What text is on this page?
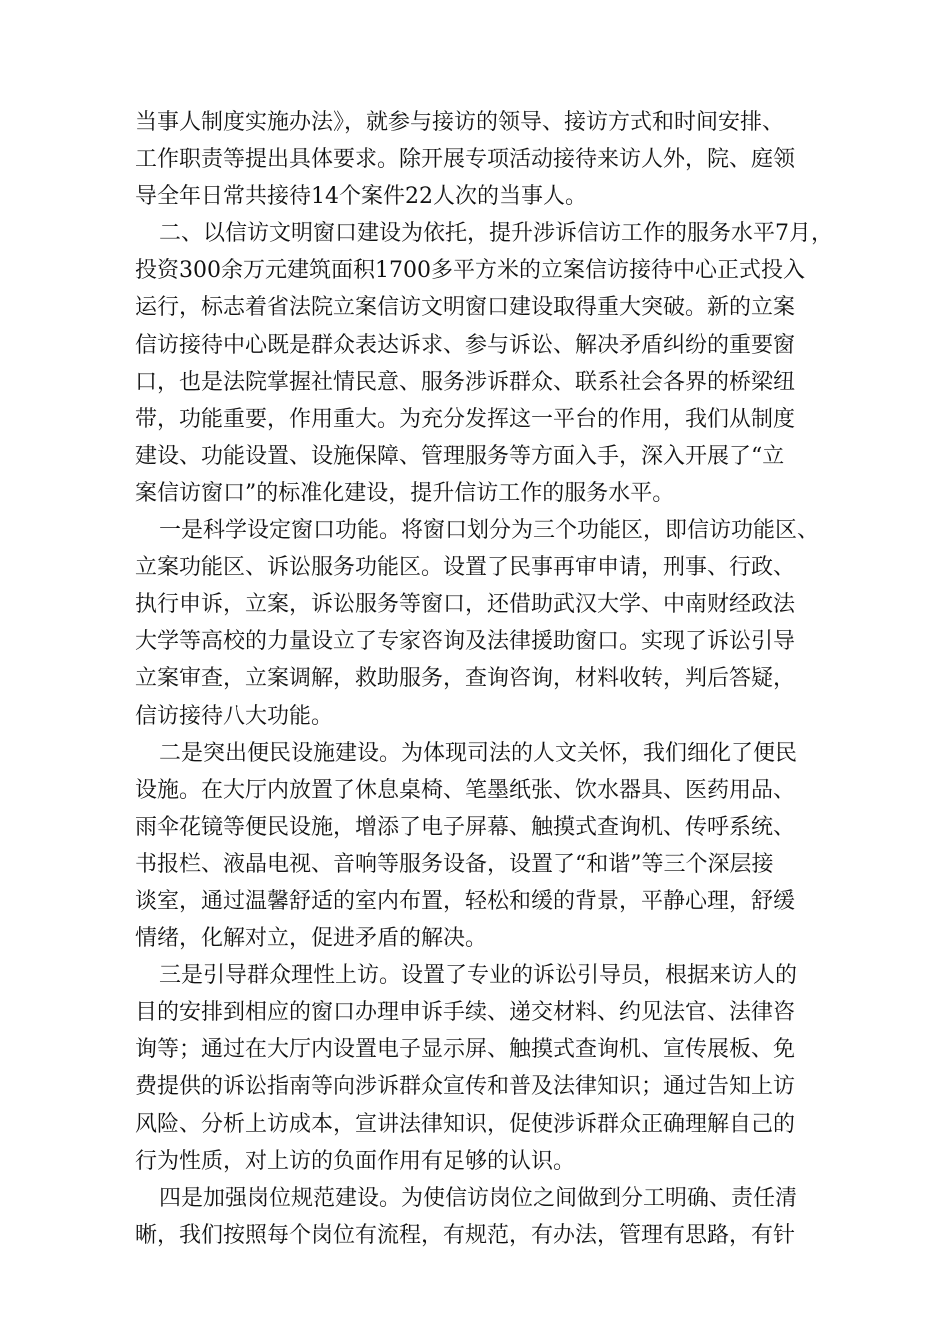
当事人制度实施办法》，就参与接访的领导、接访方式和时间安排、
工作职责等提出具体要求。除开展专项活动接待来访人外，院、庭领
导全年日常共接待14个案件22人次的当事人。
二、以信访文明窗口建设为依托，提升涉诉信访工作的服务水平7月，
投资300余万元建筑面积1700多平方米的立案信访接待中心正式投入
运行，标志着省法院立案信访文明窗口建设取得重大突破。新的立案
信访接待中心既是群众表达诉求、参与诉讼、解决矛盾纠纷的重要窗
口，也是法院掌握社情民意、服务涉诉群众、联系社会各界的桥梁纽
带，功能重要，作用重大。为充分发挥这一平台的作用，我们从制度
建设、功能设置、设施保障、管理服务等方面入手，深入开展了“立
案信访窗口”的标准化建设，提升信访工作的服务水平。
一是科学设定窗口功能。将窗口划分为三个功能区，即信访功能区、
立案功能区、诉讼服务功能区。设置了民事再审申请，刑事、行政、
执行申诉，立案，诉讼服务等窗口，还借助武汉大学、中南财经政法
大学等高校的力量设立了专家咨询及法律援助窗口。实现了诉讼引导
立案审查，立案调解，救助服务，查询咨询，材料收转，判后答疑，
信访接待八大功能。
二是突出便民设施建设。为体现司法的人文关怀，我们细化了便民
设施。在大厅内放置了休息桌椅、笔墨纸张、饮水器具、医药用品、
雨伞花镜等便民设施，增添了电子屏幕、触摸式查询机、传呼系统、
书报栏、液晶电视、音响等服务设备，设置了“和谐”等三个深层接
谈室，通过温馨舒适的室内布置，轻松和缓的背景，平静心理，舒缓
情绪，化解对立，促进矛盾的解决。
三是引导群众理性上访。设置了专业的诉讼引导员，根据来访人的
目的安排到相应的窗口办理申诉手续、递交材料、约见法官、法律咨
询等；通过在大厅内设置电子显示屏、触摸式查询机、宣传展板、免
费提供的诉讼指南等向涉诉群众宣传和普及法律知识；通过告知上访
风险、分析上访成本，宣讲法律知识，促使涉诉群众正确理解自己的
行为性质，对上访的负面作用有足够的认识。
四是加强岗位规范建设。为使信访岗位之间做到分工明确、责任清
晰，我们按照每个岗位有流程，有规范，有办法，管理有思路，有针
